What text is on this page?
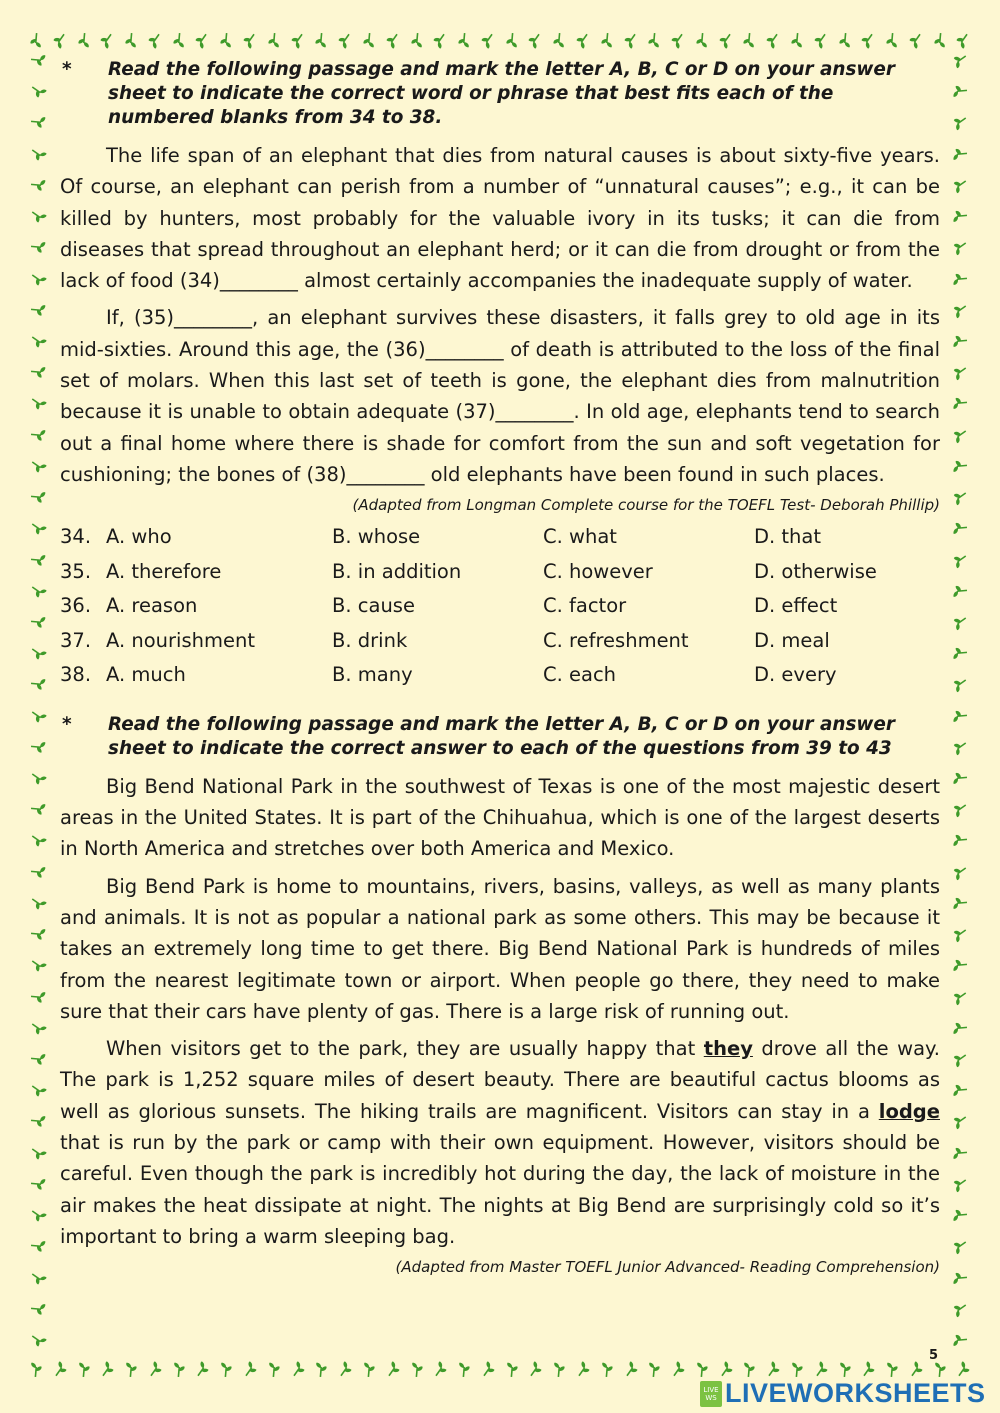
*	Read the following passage and mark the letter A, B, C or D on your answer sheet to indicate the correct word or phrase that best fits each of the numbered blanks from 34 to 38.

The life span of an elephant that dies from natural causes is about sixty-five years. Of course, an elephant can perish from a number of “unnatural causes”; e.g., it can be killed by hunters, most probably for the valuable ivory in its tusks; it can die from diseases that spread throughout an elephant herd; or it can die from drought or from the lack of food (34)________ almost certainly accompanies the inadequate supply of water.

If, (35)________, an elephant survives these disasters, it falls grey to old age in its mid-sixties. Around this age, the (36)________ of death is attributed to the loss of the final set of molars. When this last set of teeth is gone, the elephant dies from malnutrition because it is unable to obtain adequate (37)________. In old age, elephants tend to search out a final home where there is shade for comfort from the sun and soft vegetation for cushioning; the bones of (38)________ old elephants have been found in such places.

(Adapted from Longman Complete course for the TOEFL Test- Deborah Phillip)
34. A. who	B. whose	C. what	D. that
35. A. therefore	B. in addition	C. however	D. otherwise
36. A. reason	B. cause	C. factor	D. effect
37. A. nourishment	B. drink	C. refreshment	D. meal
38. A. much	B. many	C. each	D. every
*	Read the following passage and mark the letter A, B, C or D on your answer sheet to indicate the correct answer to each of the questions from 39 to 43

Big Bend National Park in the southwest of Texas is one of the most majestic desert areas in the United States. It is part of the Chihuahua, which is one of the largest deserts in North America and stretches over both America and Mexico.

Big Bend Park is home to mountains, rivers, basins, valleys, as well as many plants and animals. It is not as popular a national park as some others. This may be because it takes an extremely long time to get there. Big Bend National Park is hundreds of miles from the nearest legitimate town or airport. When people go there, they need to make sure that their cars have plenty of gas. There is a large risk of running out.

When visitors get to the park, they are usually happy that they drove all the way. The park is 1,252 square miles of desert beauty. There are beautiful cactus blooms as well as glorious sunsets. The hiking trails are magnificent. Visitors can stay in a lodge that is run by the park or camp with their own equipment. However, visitors should be careful. Even though the park is incredibly hot during the day, the lack of moisture in the air makes the heat dissipate at night. The nights at Big Bend are surprisingly cold so it’s important to bring a warm sleeping bag.

(Adapted from Master TOEFL Junior Advanced- Reading Comprehension)
5
LIVE
WS LIVEWORKSHEETS
